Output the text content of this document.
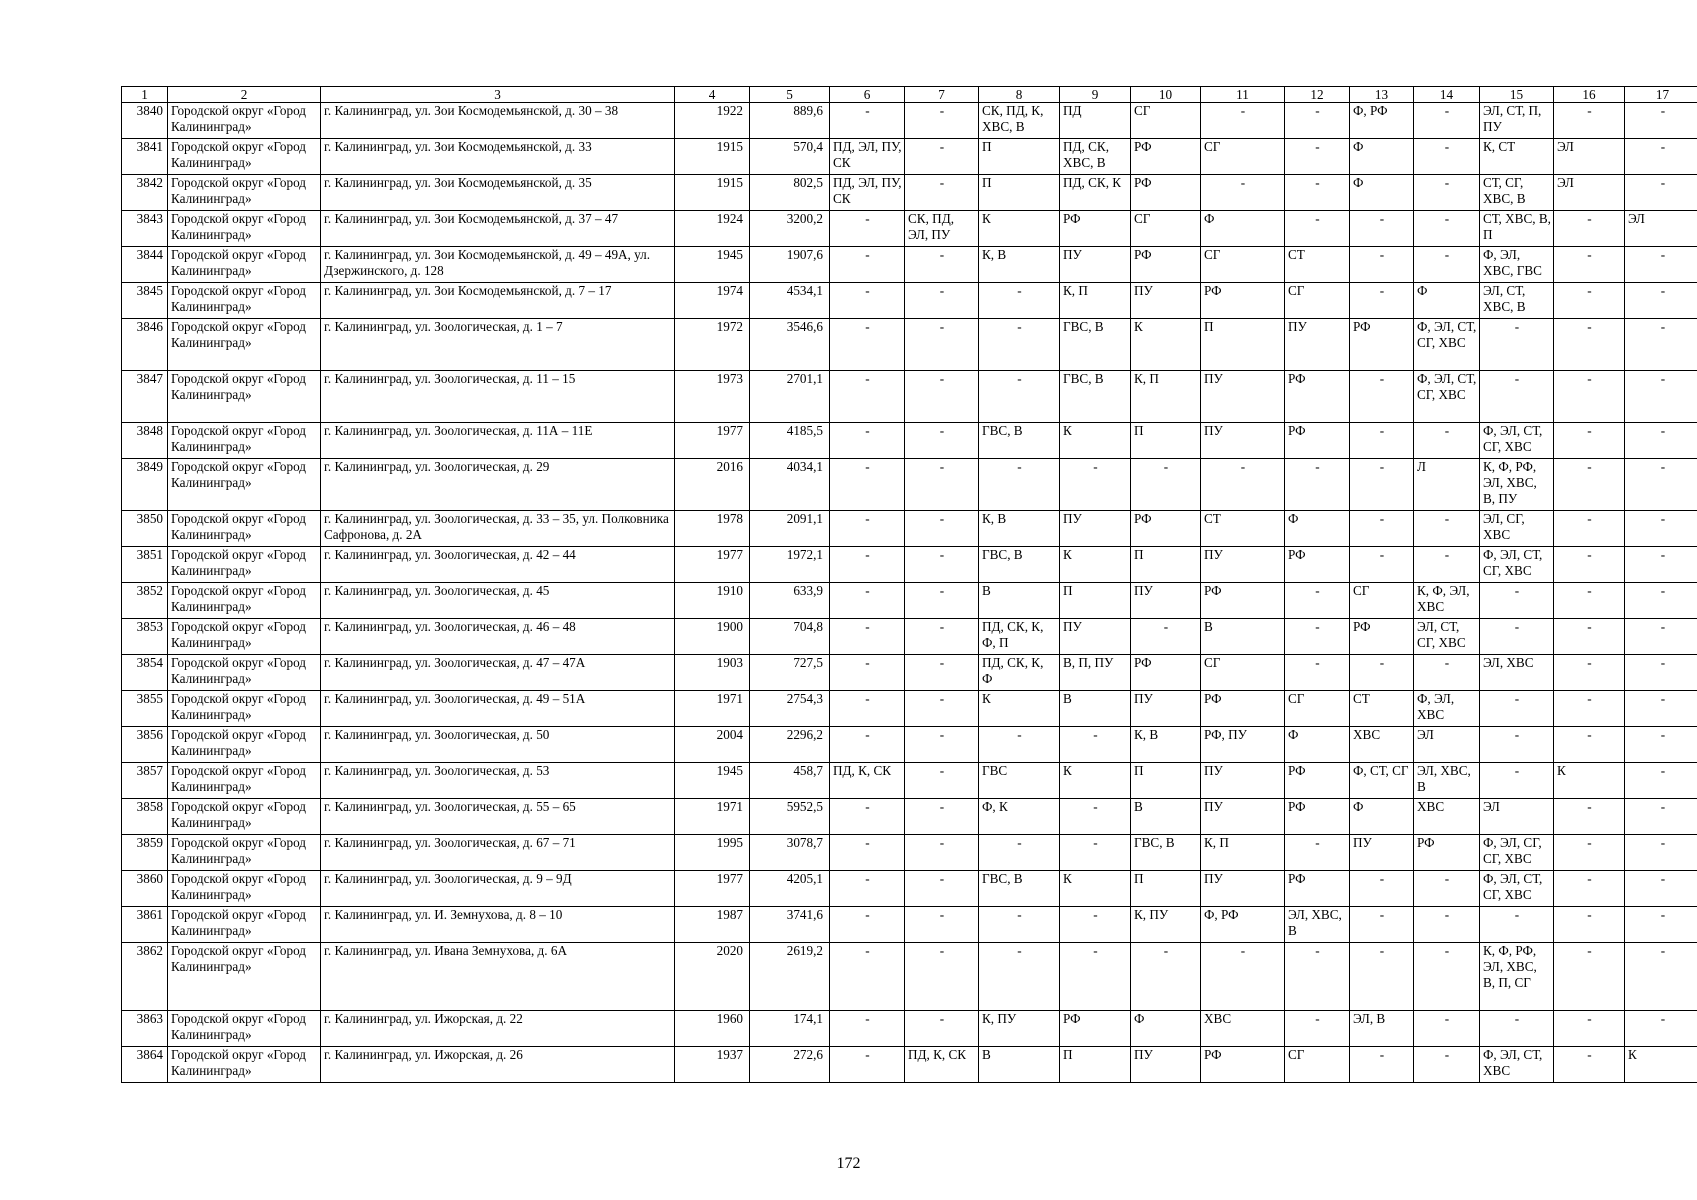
1	2	3	4	5	6	7	8	9	10	11	12	13	14	15	16	17
3840	Городской округ «Город Калининград»	г. Калининград, ул. Зои Космодемьянской, д. 30 – 38	1922	889,6	-	-	СК, ПД, К, ХВС, В	ПД	СГ	-	-	Ф, РФ	-	ЭЛ, СТ, П, ПУ	-	-
3841	Городской округ «Город Калининград»	г. Калининград, ул. Зои Космодемьянской, д. 33	1915	570,4	ПД, ЭЛ, ПУ, СК	-	П	ПД, СК, ХВС, В	РФ	СГ	-	Ф	-	К, СТ	ЭЛ	-
3842	Городской округ «Город Калининград»	г. Калининград, ул. Зои Космодемьянской, д. 35	1915	802,5	ПД, ЭЛ, ПУ, СК	-	П	ПД, СК, К	РФ	-	-	Ф	-	СТ, СГ, ХВС, В	ЭЛ	-
3843	Городской округ «Город Калининград»	г. Калининград, ул. Зои Космодемьянской, д. 37 – 47	1924	3200,2	-	СК, ПД, ЭЛ, ПУ	К	РФ	СГ	Ф	-	-	-	СТ, ХВС, В, П	-	ЭЛ
3844	Городской округ «Город Калининград»	г. Калининград, ул. Зои Космодемьянской, д. 49 – 49А, ул. Дзержинского, д. 128	1945	1907,6	-	-	К, В	ПУ	РФ	СГ	СТ	-	-	Ф, ЭЛ, ХВС, ГВС	-	-
3845	Городской округ «Город Калининград»	г. Калининград, ул. Зои Космодемьянской, д. 7 – 17	1974	4534,1	-	-	-	К, П	ПУ	РФ	СГ	-	Ф	ЭЛ, СТ, ХВС, В	-	-
3846	Городской округ «Город Калининград»	г. Калининград, ул. Зоологическая, д. 1 – 7	1972	3546,6	-	-	-	ГВС, В	К	П	ПУ	РФ	Ф, ЭЛ, СТ, СГ, ХВС	-	-	-
3847	Городской округ «Город Калининград»	г. Калининград, ул. Зоологическая, д. 11 – 15	1973	2701,1	-	-	-	ГВС, В	К, П	ПУ	РФ	-	Ф, ЭЛ, СТ, СГ, ХВС	-	-	-
3848	Городской округ «Город Калининград»	г. Калининград, ул. Зоологическая, д. 11А – 11Е	1977	4185,5	-	-	ГВС, В	К	П	ПУ	РФ	-	-	Ф, ЭЛ, СТ, СГ, ХВС	-	-
3849	Городской округ «Город Калининград»	г. Калининград, ул. Зоологическая, д. 29	2016	4034,1	-	-	-	-	-	-	-	-	Л	К, Ф, РФ, ЭЛ, ХВС, В, ПУ	-	-
3850	Городской округ «Город Калининград»	г. Калининград, ул. Зоологическая, д. 33 – 35, ул. Полковника Сафронова, д. 2А	1978	2091,1	-	-	К, В	ПУ	РФ	СТ	Ф	-	-	ЭЛ, СГ, ХВС	-	-
3851	Городской округ «Город Калининград»	г. Калининград, ул. Зоологическая, д. 42 – 44	1977	1972,1	-	-	ГВС, В	К	П	ПУ	РФ	-	-	Ф, ЭЛ, СТ, СГ, ХВС	-	-
3852	Городской округ «Город Калининград»	г. Калининград, ул. Зоологическая, д. 45	1910	633,9	-	-	В	П	ПУ	РФ	-	СГ	К, Ф, ЭЛ, ХВС	-	-	-
3853	Городской округ «Город Калининград»	г. Калининград, ул. Зоологическая, д. 46 – 48	1900	704,8	-	-	ПД, СК, К, Ф, П	ПУ	-	В	-	РФ	ЭЛ, СТ, СГ, ХВС	-	-	-
3854	Городской округ «Город Калининград»	г. Калининград, ул. Зоологическая, д. 47 – 47А	1903	727,5	-	-	ПД, СК, К, Ф	В, П, ПУ	РФ	СГ	-	-	-	ЭЛ, ХВС	-	-
3855	Городской округ «Город Калининград»	г. Калининград, ул. Зоологическая, д. 49 – 51А	1971	2754,3	-	-	К	В	ПУ	РФ	СГ	СТ	Ф, ЭЛ, ХВС	-	-	-
3856	Городской округ «Город Калининград»	г. Калининград, ул. Зоологическая, д. 50	2004	2296,2	-	-	-	-	К, В	РФ, ПУ	Ф	ХВС	ЭЛ	-	-	-
3857	Городской округ «Город Калининград»	г. Калининград, ул. Зоологическая, д. 53	1945	458,7	ПД, К, СК	-	ГВС	К	П	ПУ	РФ	Ф, СТ, СГ	ЭЛ, ХВС, В	-	К	-
3858	Городской округ «Город Калининград»	г. Калининград, ул. Зоологическая, д. 55 – 65	1971	5952,5	-	-	Ф, К	-	В	ПУ	РФ	Ф	ХВС	ЭЛ	-	-
3859	Городской округ «Город Калининград»	г. Калининград, ул. Зоологическая, д. 67 – 71	1995	3078,7	-	-	-	-	ГВС, В	К, П	-	ПУ	РФ	Ф, ЭЛ, СГ, СГ, ХВС	-	-
3860	Городской округ «Город Калининград»	г. Калининград, ул. Зоологическая, д. 9 – 9Д	1977	4205,1	-	-	ГВС, В	К	П	ПУ	РФ	-	-	Ф, ЭЛ, СТ, СГ, ХВС	-	-
3861	Городской округ «Город Калининград»	г. Калининград, ул. И. Земнухова, д. 8 – 10	1987	3741,6	-	-	-	-	К, ПУ	Ф, РФ	ЭЛ, ХВС, В	-	-	-	-	-
3862	Городской округ «Город Калининград»	г. Калининград, ул. Ивана Земнухова, д. 6А	2020	2619,2	-	-	-	-	-	-	-	-	-	К, Ф, РФ, ЭЛ, ХВС, В, П, СГ	-	-
3863	Городской округ «Город Калининград»	г. Калининград, ул. Ижорская, д. 22	1960	174,1	-	-	К, ПУ	РФ	Ф	ХВС	-	ЭЛ, В	-	-	-	-
3864	Городской округ «Город Калининград»	г. Калининград, ул. Ижорская, д. 26	1937	272,6	-	ПД, К, СК	В	П	ПУ	РФ	СГ	-	-	Ф, ЭЛ, СТ, ХВС	-	К
172
